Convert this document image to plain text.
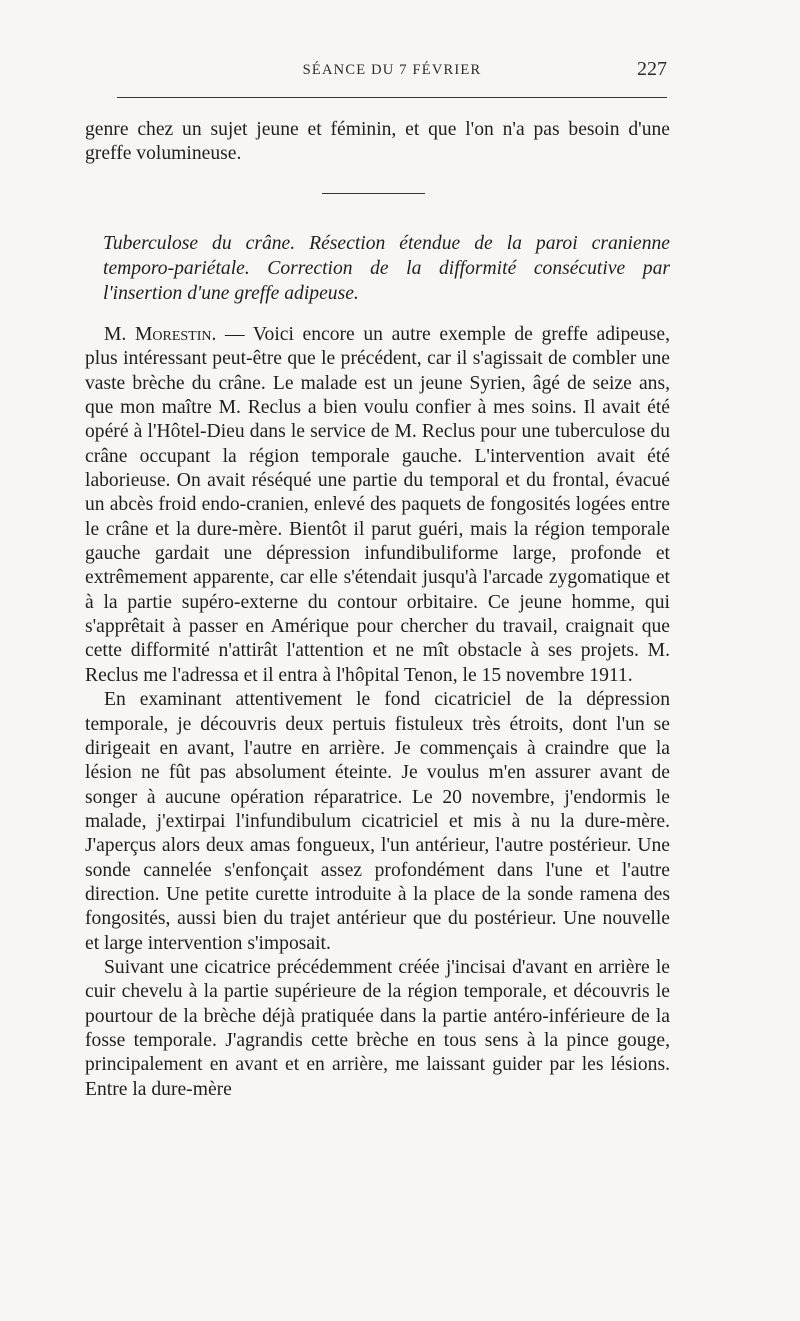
SÉANCE DU 7 FÉVRIER	227

genre chez un sujet jeune et féminin, et que l'on n'a pas besoin d'une greffe volumineuse.

Tuberculose du crâne. Résection étendue de la paroi cranienne
temporo-pariétale. Correction de la difformité consécutive par
l'insertion d'une greffe adipeuse.

M. Morestin. — Voici encore un autre exemple de greffe adipeuse, plus intéressant peut-être que le précédent, car il s'agissait de combler une vaste brèche du crâne. Le malade est un jeune Syrien, âgé de seize ans, que mon maître M. Reclus a bien voulu confier à mes soins. Il avait été opéré à l'Hôtel-Dieu dans le service de M. Reclus pour une tuberculose du crâne occupant la région temporale gauche. L'intervention avait été laborieuse. On avait réséqué une partie du temporal et du frontal, évacué un abcès froid endo-cranien, enlevé des paquets de fongosités logées entre le crâne et la dure-mère. Bientôt il parut guéri, mais la région temporale gauche gardait une dépression infundibuliforme large, profonde et extrêmement apparente, car elle s'étendait jusqu'à l'arcade zygomatique et à la partie supéro-externe du contour orbitaire. Ce jeune homme, qui s'apprêtait à passer en Amérique pour chercher du travail, craignait que cette difformité n'attirât l'attention et ne mît obstacle à ses projets. M. Reclus me l'adressa et il entra à l'hôpital Tenon, le 15 novembre 1911.

En examinant attentivement le fond cicatriciel de la dépression temporale, je découvris deux pertuis fistuleux très étroits, dont l'un se dirigeait en avant, l'autre en arrière. Je commençais à craindre que la lésion ne fût pas absolument éteinte. Je voulus m'en assurer avant de songer à aucune opération réparatrice. Le 20 novembre, j'endormis le malade, j'extirpai l'infundibulum cicatriciel et mis à nu la dure-mère. J'aperçus alors deux amas fongueux, l'un antérieur, l'autre postérieur. Une sonde cannelée s'enfonçait assez profondément dans l'une et l'autre direction. Une petite curette introduite à la place de la sonde ramena des fongosités, aussi bien du trajet antérieur que du postérieur. Une nouvelle et large intervention s'imposait.

Suivant une cicatrice précédemment créée j'incisai d'avant en arrière le cuir chevelu à la partie supérieure de la région temporale, et découvris le pourtour de la brèche déjà pratiquée dans la partie antéro-inférieure de la fosse temporale. J'agrandis cette brèche en tous sens à la pince gouge, principalement en avant et en arrière, me laissant guider par les lésions. Entre la dure-mère
